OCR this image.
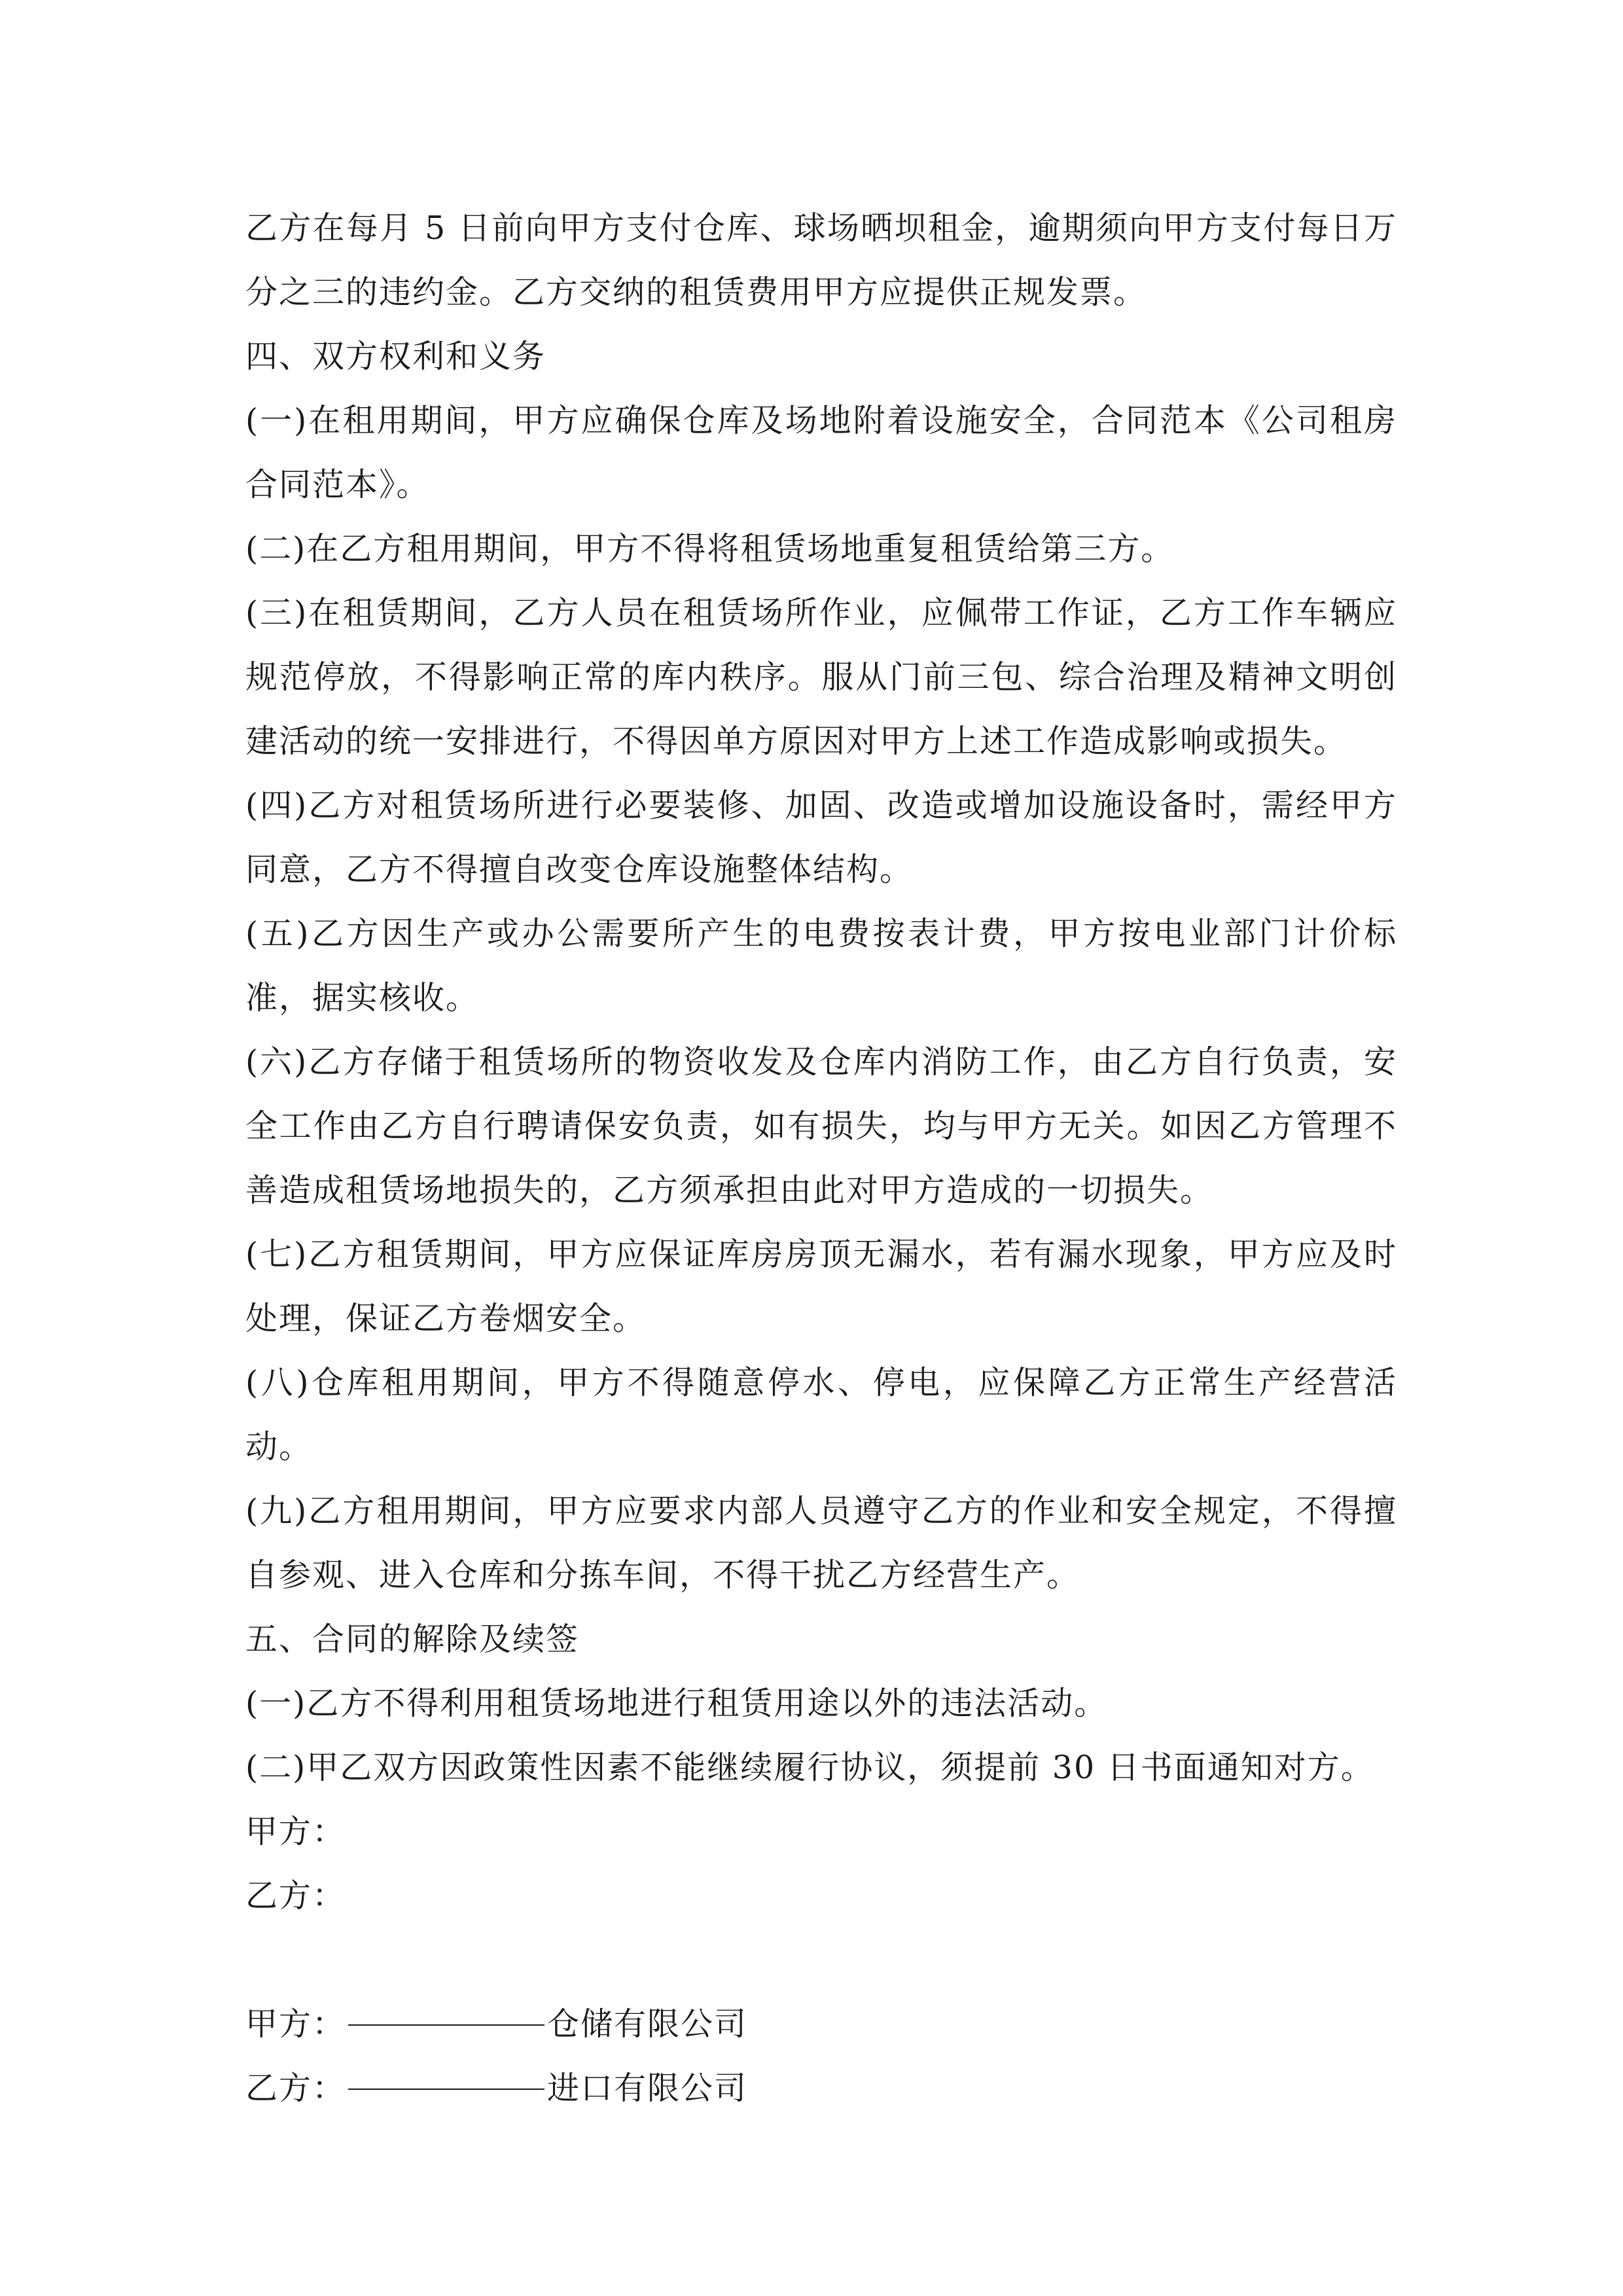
乙方在每月 5 日前向甲方支付仓库、球场晒坝租金，逾期须向甲方支付每日万分之三的违约金。乙方交纳的租赁费用甲方应提供正规发票。

四、双方权利和义务

(一)在租用期间，甲方应确保仓库及场地附着设施安全，合同范本《公司租房合同范本》。

(二)在乙方租用期间，甲方不得将租赁场地重复租赁给第三方。

(三)在租赁期间，乙方人员在租赁场所作业，应佩带工作证，乙方工作车辆应规范停放，不得影响正常的库内秩序。服从门前三包、综合治理及精神文明创建活动的统一安排进行，不得因单方原因对甲方上述工作造成影响或损失。

(四)乙方对租赁场所进行必要装修、加固、改造或增加设施设备时，需经甲方同意，乙方不得擅自改变仓库设施整体结构。

(五)乙方因生产或办公需要所产生的电费按表计费，甲方按电业部门计价标准，据实核收。

(六)乙方存储于租赁场所的物资收发及仓库内消防工作，由乙方自行负责，安全工作由乙方自行聘请保安负责，如有损失，均与甲方无关。如因乙方管理不善造成租赁场地损失的，乙方须承担由此对甲方造成的一切损失。

(七)乙方租赁期间，甲方应保证库房房顶无漏水，若有漏水现象，甲方应及时处理，保证乙方卷烟安全。

(八)仓库租用期间，甲方不得随意停水、停电，应保障乙方正常生产经营活动。

(九)乙方租用期间，甲方应要求内部人员遵守乙方的作业和安全规定，不得擅自参观、进入仓库和分拣车间，不得干扰乙方经营生产。

五、合同的解除及续签

(一)乙方不得利用租赁场地进行租赁用途以外的违法活动。

(二)甲乙双方因政策性因素不能继续履行协议，须提前 30 日书面通知对方。

甲方：

乙方：

甲方：	仓储有限公司

乙方：	进口有限公司
